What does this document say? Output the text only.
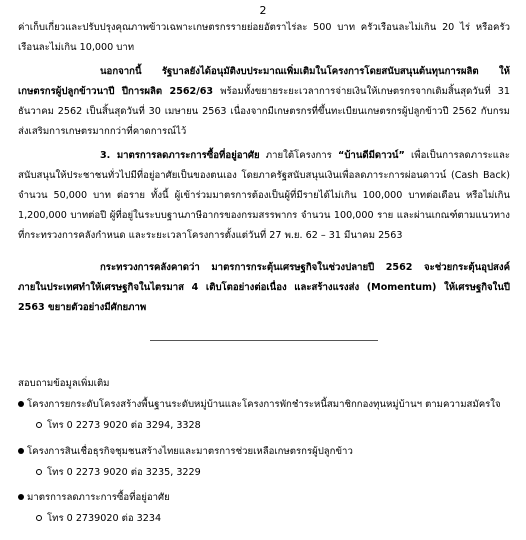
2
ค่าเก็บเกี่ยวและปรับปรุงคุณภาพข้าวเฉพาะเกษตรกรรายย่อยอัตราไร่ละ 500 บาท ครัวเรือนละไม่เกิน 20 ไร่ หรือครัวเรือนละไม่เกิน 10,000 บาท
นอกจากนี้ รัฐบาลยังได้อนุมัติงบประมาณเพิ่มเติมในโครงการโดยสนับสนุนต้นทุนการผลิต ให้เกษตรกรผู้ปลูกข้าวนาปี ปีการผลิต 2562/63 พร้อมทั้งขยายระยะเวลาการจ่ายเงินให้เกษตรกรจากเดิมสิ้นสุดวันที่ 31 ธันวาคม 2562 เป็นสิ้นสุดวันที่ 30 เมษายน 2563 เนื่องจากมีเกษตรกรที่ขึ้นทะเบียนเกษตรกรผู้ปลูกข้าวปี 2562 กับกรมส่งเสริมการเกษตรมากกว่าที่คาดการณ์ไว้
3. มาตรการลดภาระการซื้อที่อยู่อาศัย ภายใต้โครงการ “บ้านดีมีดาวน์” เพื่อเป็นการลดภาระและสนับสนุนให้ประชาชนทั่วไปมีที่อยู่อาศัยเป็นของตนเอง โดยภาครัฐสนับสนุนเงินเพื่อลดภาระการผ่อนดาวน์ (Cash Back) จำนวน 50,000 บาท ต่อราย ทั้งนี้ ผู้เข้าร่วมมาตรการต้องเป็นผู้ที่มีรายได้ไม่เกิน 100,000 บาทต่อเดือน หรือไม่เกิน 1,200,000 บาทต่อปี ผู้ที่อยู่ในระบบฐานภาษีอากรของกรมสรรพากร จำนวน 100,000 ราย และผ่านเกณฑ์ตามแนวทางที่กระทรวงการคลังกำหนด และระยะเวลาโครงการตั้งแต่วันที่ 27 พ.ย. 62 – 31 มีนาคม 2563
กระทรวงการคลังคาดว่า มาตรการกระตุ้นเศรษฐกิจในช่วงปลายปี 2562 จะช่วยกระตุ้นอุปสงค์ภายในประเทศทำให้เศรษฐกิจในไตรมาส 4 เติบโตอย่างต่อเนื่อง และสร้างแรงส่ง (Momentum) ให้เศรษฐกิจในปี 2563 ขยายตัวอย่างมีศักยภาพ
สอบถามข้อมูลเพิ่มเติม
โครงการยกระดับโครงสร้างพื้นฐานระดับหมู่บ้านและโครงการพักชำระหนี้สมาชิกกองทุนหมู่บ้านฯ ตามความสมัครใจ
โทร 0 2273 9020 ต่อ 3294, 3328
โครงการสินเชื่อธุรกิจชุมชนสร้างไทยและมาตรการช่วยเหลือเกษตรกรผู้ปลูกข้าว
โทร 0 2273 9020 ต่อ 3235, 3229
มาตรการลดภาระการซื้อที่อยู่อาศัย
โทร 0 2739020 ต่อ 3234
